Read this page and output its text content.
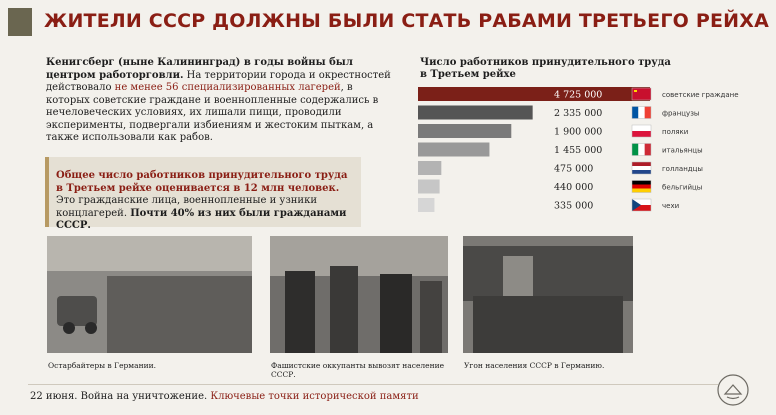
ЖИТЕЛИ СССР ДОЛЖНЫ БЫЛИ СТАТЬ РАБАМИ ТРЕТЬЕГО РЕЙХА
Кенигсберг (ныне Калининград) в годы войны был центром работорговли. На территории города и окрестностей действовало не менее 56 специализированных лагерей, в которых советские граждане и военнопленные содержались в нечеловеческих условиях, их лишали пищи, проводили эксперименты, подвергали избиениям и жестоким пыткам, а также использовали как рабов.
Общее число работников принудительного труда в Третьем рейхе оценивается в 12 млн человек. Это гражданские лица, военнопленные и узники концлагерей. Почти 40% из них были гражданами СССР.
Число работников принудительного труда в Третьем рейхе
4 725 000	советские граждане
2 335 000	французы
1 900 000	поляки
1 455 000	итальянцы
475 000	голландцы
440 000	бельгийцы
335 000	чехи
Остарбайтеры в Германии.	Фашистские оккупанты вывозят население СССР.
Угон населения СССР в Германию.
22 июня. Война на уничтожение. Ключевые точки исторической памяти
